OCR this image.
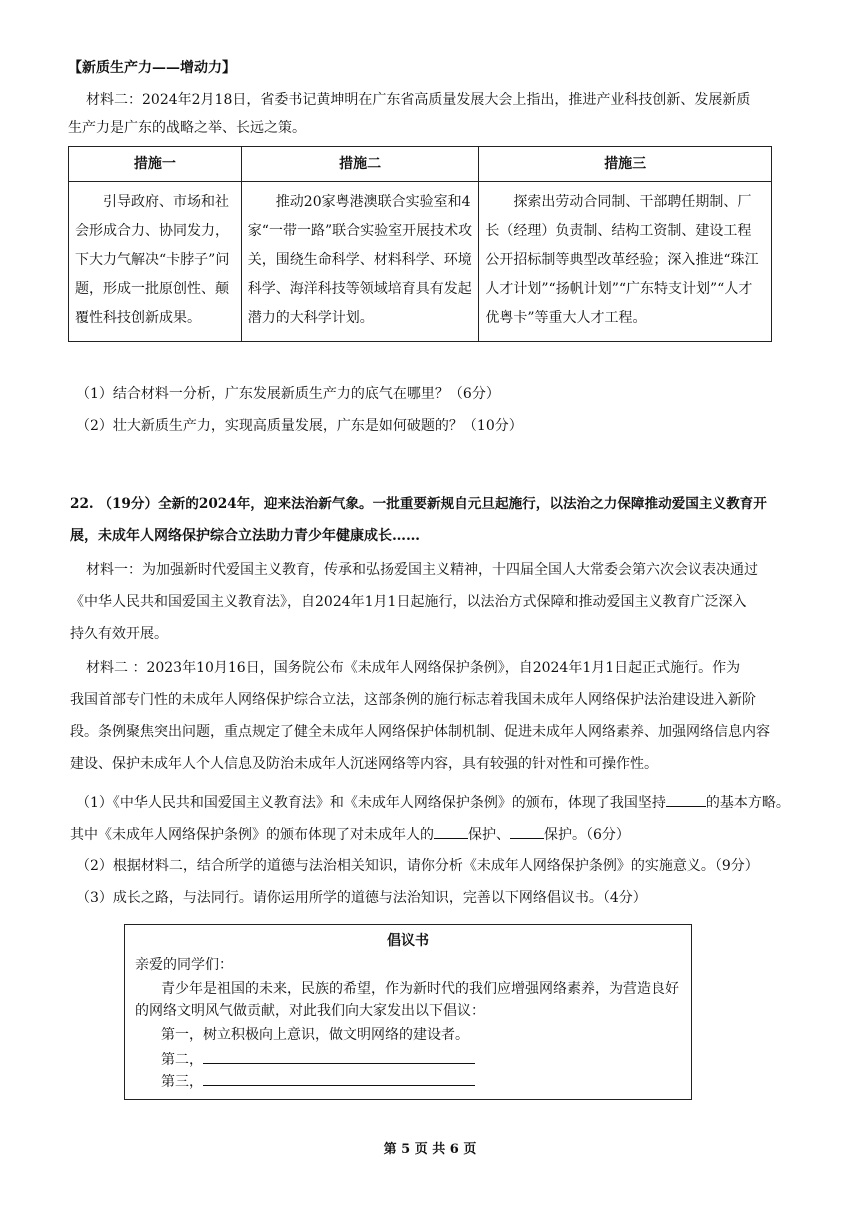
【新质生产力——增动力】
材料二：2024年2月18日，省委书记黄坤明在广东省高质量发展大会上指出，推进产业科技创新、发展新质
生产力是广东的战略之举、长远之策。
措施一	措施二	措施三
引导政府、市场和社会形成合力、协同发力，下大力气解决“卡脖子”问题，形成一批原创性、颠覆性科技创新成果。	推动20家粤港澳联合实验室和4家“一带一路”联合实验室开展技术攻关，围绕生命科学、材料科学、环境科学、海洋科技等领域培育具有发起潜力的大科学计划。	探索出劳动合同制、干部聘任期制、厂长（经理）负责制、结构工资制、建设工程公开招标制等典型改革经验；深入推进“珠江人才计划”“扬帆计划”“广东特支计划”“人才优粤卡”等重大人才工程。
（1）结合材料一分析，广东发展新质生产力的底气在哪里？（6分）
（2）壮大新质生产力，实现高质量发展，广东是如何破题的？（10分）
22. （19分）全新的2024年，迎来法治新气象。一批重要新规自元旦起施行，以法治之力保障推动爱国主义教育开
展，未成年人网络保护综合立法助力青少年健康成长……
材料一：为加强新时代爱国主义教育，传承和弘扬爱国主义精神，十四届全国人大常委会第六次会议表决通过
《中华人民共和国爱国主义教育法》，自2024年1月1日起施行，以法治方式保障和推动爱国主义教育广泛深入
持久有效开展。
材料二 ：2023年10月16日，国务院公布《未成年人网络保护条例》，自2024年1月1日起正式施行。作为
我国首部专门性的未成年人网络保护综合立法，这部条例的施行标志着我国未成年人网络保护法治建设进入新阶
段。条例聚焦突出问题，重点规定了健全未成年人网络保护体制机制、促进未成年人网络素养、加强网络信息内容
建设、保护未成年人个人信息及防治未成年人沉迷网络等内容，具有较强的针对性和可操作性。
（1）《中华人民共和国爱国主义教育法》和《未成年人网络保护条例》的颁布，体现了我国坚持	的基本方略。
其中《未成年人网络保护条例》的颁布体现了对未成年人的 保护、 保护。（6分）
（2）根据材料二，结合所学的道德与法治相关知识，请你分析《未成年人网络保护条例》的实施意义。（9分）
（3）成长之路，与法同行。请你运用所学的道德与法治知识，完善以下网络倡议书。（4分）
倡议书
亲爱的同学们：
青少年是祖国的未来，民族的希望，作为新时代的我们应增强网络素养，为营造良好
的网络文明风气做贡献，对此我们向大家发出以下倡议：
第一，树立积极向上意识，做文明网络的建设者。
第二，
第三，
第 5 页 共 6 页
